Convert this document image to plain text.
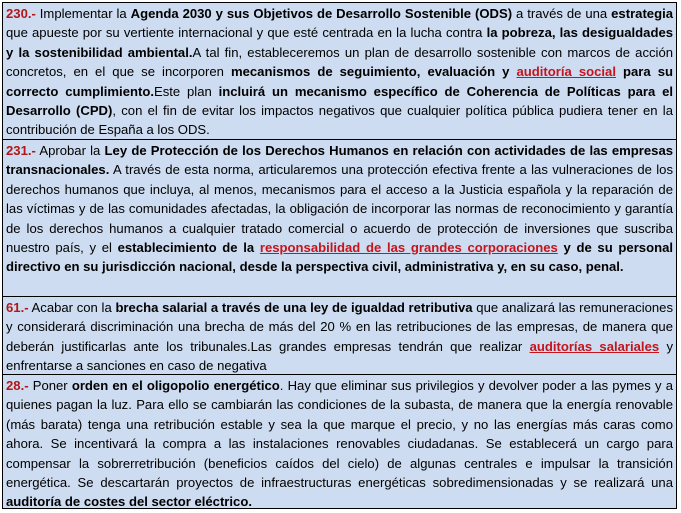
230.- Implementar la Agenda 2030 y sus Objetivos de Desarrollo Sostenible (ODS) a través de una estrategia que apueste por su vertiente internacional y que esté centrada en la lucha contra la pobreza, las desigualdades y la sostenibilidad ambiental.A tal fin, estableceremos un plan de desarrollo sostenible con marcos de acción concretos, en el que se incorporen mecanismos de seguimiento, evaluación y auditoría social para su correcto cumplimiento.Este plan incluirá un mecanismo específico de Coherencia de Políticas para el Desarrollo (CPD), con el fin de evitar los impactos negativos que cualquier política pública pudiera tener en la contribución de España a los ODS.
231.- Aprobar la Ley de Protección de los Derechos Humanos en relación con actividades de las empresas transnacionales. A través de esta norma, articularemos una protección efectiva frente a las vulneraciones de los derechos humanos que incluya, al menos, mecanismos para el acceso a la Justicia española y la reparación de las víctimas y de las comunidades afectadas, la obligación de incorporar las normas de reconocimiento y garantía de los derechos humanos a cualquier tratado comercial o acuerdo de protección de inversiones que suscriba nuestro país, y el establecimiento de la responsabilidad de las grandes corporaciones y de su personal directivo en su jurisdicción nacional, desde la perspectiva civil, administrativa y, en su caso, penal.
61.- Acabar con la brecha salarial a través de una ley de igualdad retributiva que analizará las remuneraciones y considerará discriminación una brecha de más del 20 % en las retribuciones de las empresas, de manera que deberán justificarlas ante los tribunales.Las grandes empresas tendrán que realizar auditorías salariales y enfrentarse a sanciones en caso de negativa
28.- Poner orden en el oligopolio energético. Hay que eliminar sus privilegios y devolver poder a las pymes y a quienes pagan la luz. Para ello se cambiarán las condiciones de la subasta, de manera que la energía renovable (más barata) tenga una retribución estable y sea la que marque el precio, y no las energías más caras como ahora. Se incentivará la compra a las instalaciones renovables ciudadanas. Se establecerá un cargo para compensar la sobrerretribución (beneficios caídos del cielo) de algunas centrales e impulsar la transición energética. Se descartarán proyectos de infraestructuras energéticas sobredimensionadas y se realizará una auditoría de costes del sector eléctrico.
